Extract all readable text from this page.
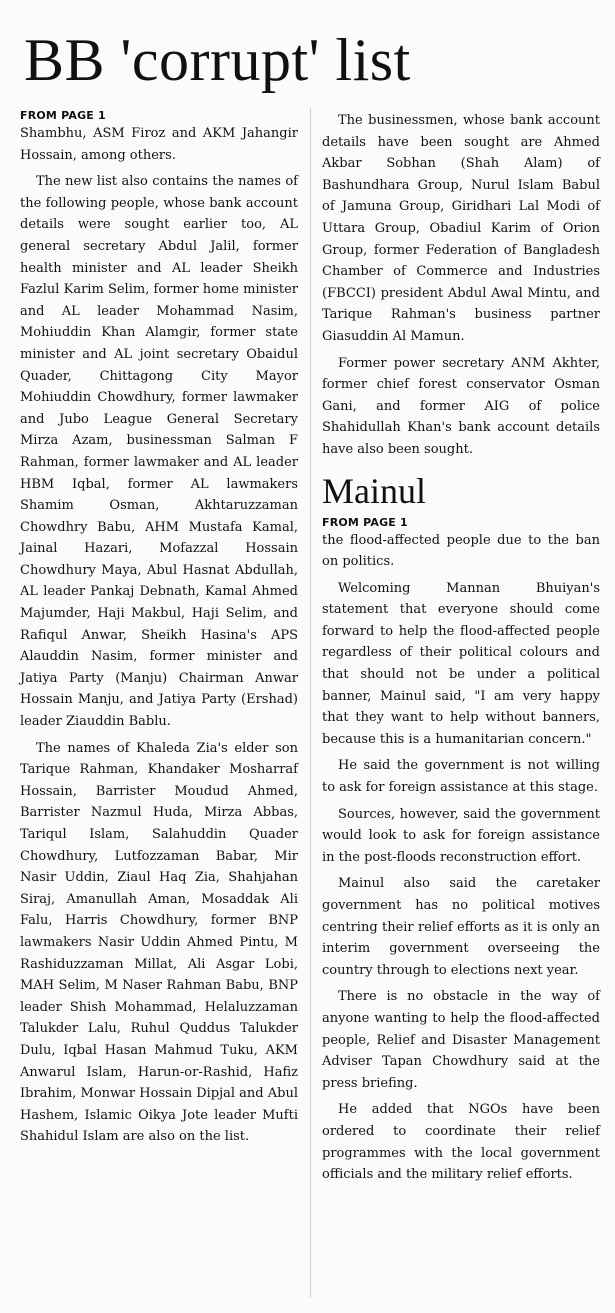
BB 'corrupt' list
FROM PAGE 1

Shambhu, ASM Firoz and AKM Jahangir Hossain, among others.

The new list also contains the names of the following people, whose bank account details were sought earlier too, AL general secretary Abdul Jalil, former health minister and AL leader Sheikh Fazlul Karim Selim, former home minister and AL leader Mohammad Nasim, Mohiuddin Khan Alamgir, former state minister and AL joint secretary Obaidul Quader, Chittagong City Mayor Mohiuddin Chowdhury, former lawmaker and Jubo League General Secretary Mirza Azam, businessman Salman F Rahman, former lawmaker and AL leader HBM Iqbal, former AL lawmakers Shamim Osman, Akhtaruzzaman Chowdhry Babu, AHM Mustafa Kamal, Jainal Hazari, Mofazzal Hossain Chowdhury Maya, Abul Hasnat Abdullah, AL leader Pankaj Debnath, Kamal Ahmed Majumder, Haji Makbul, Haji Selim, and Rafiqul Anwar, Sheikh Hasina's APS Alauddin Nasim, former minister and Jatiya Party (Manju) Chairman Anwar Hossain Manju, and Jatiya Party (Ershad) leader Ziauddin Bablu.

The names of Khaleda Zia's elder son Tarique Rahman, Khandaker Mosharraf Hossain, Barrister Moudud Ahmed, Barrister Nazmul Huda, Mirza Abbas, Tariqul Islam, Salahuddin Quader Chowdhury, Lutfozzaman Babar, Mir Nasir Uddin, Ziaul Haq Zia, Shahjahan Siraj, Amanullah Aman, Mosaddak Ali Falu, Harris Chowdhury, former BNP lawmakers Nasir Uddin Ahmed Pintu, M Rashiduzzaman Millat, Ali Asgar Lobi, MAH Selim, M Naser Rahman Babu, BNP leader Shish Mohammad, Helaluzzaman Talukder Lalu, Ruhul Quddus Talukder Dulu, Iqbal Hasan Mahmud Tuku, AKM Anwarul Islam, Harun-or-Rashid, Hafiz Ibrahim, Monwar Hossain Dipjal and Abul Hashem, Islamic Oikya Jote leader Mufti Shahidul Islam are also on the list.

The businessmen, whose bank account details have been sought are Ahmed Akbar Sobhan (Shah Alam) of Bashundhara Group, Nurul Islam Babul of Jamuna Group, Giridhari Lal Modi of Uttara Group, Obadiul Karim of Orion Group, former Federation of Bangladesh Chamber of Commerce and Industries (FBCCI) president Abdul Awal Mintu, and Tarique Rahman's business partner Giasuddin Al Mamun.

Former power secretary ANM Akhter, former chief forest conservator Osman Gani, and former AIG of police Shahidullah Khan's bank account details have also been sought.

Mainul
FROM PAGE 1

the flood-affected people due to the ban on politics.

Welcoming Mannan Bhuiyan's statement that everyone should come forward to help the flood-affected people regardless of their political colours and that should not be under a political banner, Mainul said, "I am very happy that they want to help without banners, because this is a humanitarian concern."

He said the government is not willing to ask for foreign assistance at this stage.

Sources, however, said the government would look to ask for foreign assistance in the post-floods reconstruction effort.

Mainul also said the caretaker government has no political motives centring their relief efforts as it is only an interim government overseeing the country through to elections next year.

There is no obstacle in the way of anyone wanting to help the flood-affected people, Relief and Disaster Management Adviser Tapan Chowdhury said at the press briefing.

He added that NGOs have been ordered to coordinate their relief programmes with the local government officials and the military relief efforts.
